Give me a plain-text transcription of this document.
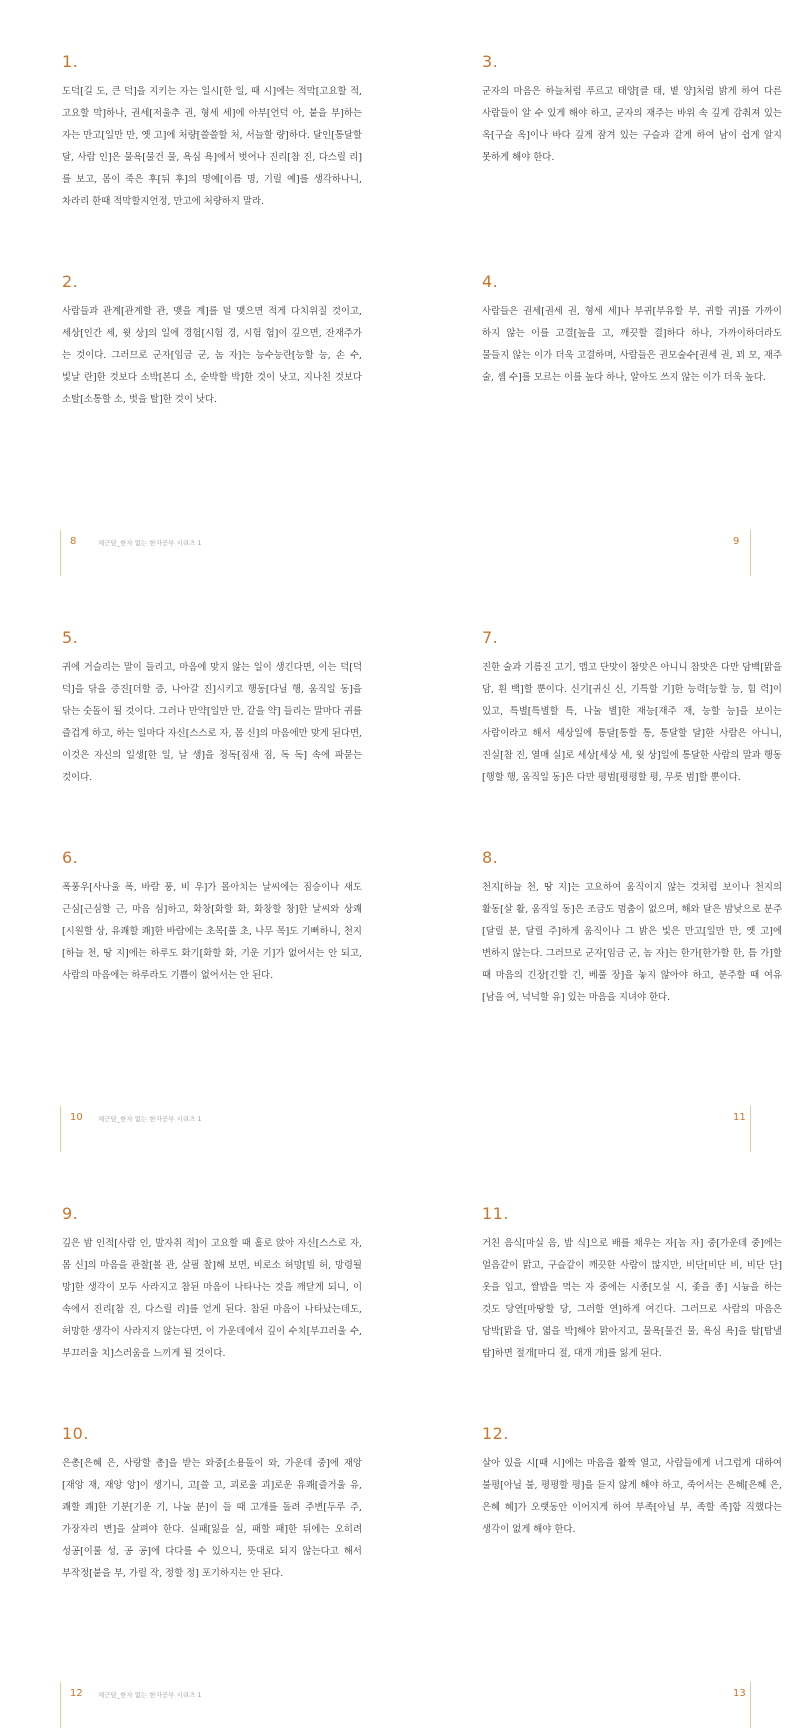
1.
도덕[길 도, 큰 덕]을 지키는 자는 일시[한 일, 때 시]에는 적막[고요할 적, 고요할 막]하나, 권세[저울추 권, 형세 세]에 아부[언덕 아, 붙을 부]하는 자는 만고[일만 만, 옛 고]에 처량[쓸쓸할 처, 서늘할 량]하다. 달인[통달할 달, 사람 인]은 물욕[물건 물, 욕심 욕]에서 벗어나 진리[참 진, 다스릴 리]를 보고, 몸이 죽은 후[뒤 후]의 명예[이름 명, 기릴 예]를 생각하나니, 차라리 한때 적막할지언정, 만고에 처량하지 말라.
2.
사람들과 관계[관계할 관, 맺을 계]를 덜 맺으면 적게 다치위질 것이고, 세상[인간 세, 윗 상]의 일에 경험[시험 경, 시험 험]이 깊으면, 잔재주가 는 것이다. 그러므로 군자[임금 군, 놈 자]는 능수능란[능할 능, 손 수, 빛날 란]한 것보다 소박[본디 소, 순박할 박]한 것이 낫고, 지나친 것보다 소탈[소통할 소, 벗을 탈]한 것이 낫다.
3.
군자의 마음은 하늘처럼 푸르고 태양[클 태, 볕 양]처럼 밝게 하여 다른 사람들이 알 수 있게 해야 하고, 군자의 재주는 바위 속 깊게 감춰져 있는 옥[구슬 옥]이나 바다 깊게 잠겨 있는 구슬과 같게 하여 남이 쉽게 알지 못하게 해야 한다.
4.
사람들은 권세[권세 권, 형세 세]나 부귀[부유할 부, 귀할 귀]를 가까이 하지 않는 이를 고결[높을 고, 깨끗할 결]하다 하나, 가까이하더라도 물들지 않는 이가 더욱 고결하며, 사람들은 권모술수[권세 권, 꾀 모, 재주 술, 셈 수]를 모르는 이를 높다 하나, 알아도 쓰지 않는 이가 더욱 높다.
8	채근담_한자 없는 한자공부 시리즈 1	9
5.
귀에 거슬리는 말이 들리고, 마음에 맞지 않는 일이 생긴다면, 이는 덕[덕 덕]을 닦을 증진[더할 증, 나아갈 진]시키고 행동[다닐 행, 움직일 동]을 닦는 숫돌이 될 것이다. 그러나 만약[일만 만, 같을 약] 들리는 말마다 귀를 즐겁게 하고, 하는 일마다 자신[스스로 자, 몸 신]의 마음에만 맞게 된다면, 이것은 자신의 일생[한 일, 날 생]을 정독[짐새 짐, 독 독] 속에 파묻는 것이다.
6.
폭풍우[사나울 폭, 바람 풍, 비 우]가 몰아치는 날씨에는 짐승이나 새도 근심[근심할 근, 마음 심]하고, 화창[화할 화, 화창할 창]한 날씨와 상쾌[시원할 상, 유쾌할 쾌]한 바람에는 초목[풀 초, 나무 목]도 기뻐하니, 천지[하늘 천, 땅 지]에는 하루도 화기[화할 화, 기운 기]가 없어서는 안 되고, 사람의 마음에는 하루라도 기쁨이 없어서는 안 된다.
7.
진한 술과 기름진 고기, 맵고 단맛이 참맛은 아니니 참맛은 다만 담백[맑을 담, 흰 백]할 뿐이다. 신기[귀신 신, 기특할 기]한 능력[능할 능, 힘 력]이 있고, 특별[특별할 특, 나눌 별]한 재능[재주 재, 능할 능]을 보이는 사람이라고 해서 세상일에 통달[통할 통, 통달할 달]한 사람은 아니니, 진실[참 진, 열매 실]로 세상[세상 세, 윗 상]일에 통달한 사람의 말과 행동[행할 행, 움직일 동]은 다만 평범[평평할 평, 무릇 범]할 뿐이다.
8.
천지[하늘 천, 땅 지]는 고요하여 움직이지 않는 것처럼 보이나 천지의 활동[살 활, 움직일 동]은 조금도 멈춤이 없으며, 해와 달은 밤낮으로 분주[달릴 분, 달릴 주]하게 움직이나 그 밝은 빛은 만고[일만 만, 옛 고]에 변하지 않는다. 그러므로 군자[임금 군, 놈 자]는 한가[한가할 한, 틈 가]할 때 마음의 긴장[긴할 긴, 베풀 장]을 놓지 않아야 하고, 분주할 때 여유[남을 여, 넉넉할 유] 있는 마음을 지녀야 한다.
10 채근담_한자 없는 한자공부 시리즈 1	11
9.
깊은 밤 인적[사람 인, 발자취 적]이 고요할 때 홀로 앉아 자신[스스로 자, 몸 신]의 마음을 관찰[볼 관, 살필 찰]해 보면, 비로소 허망[빌 허, 망령될 망]한 생각이 모두 사라지고 참된 마음이 나타나는 것을 깨닫게 되니, 이 속에서 진리[참 진, 다스릴 리]를 얻게 된다. 참된 마음이 나타났는데도, 허망한 생각이 사라지지 않는다면, 이 가운데에서 깊이 수치[부끄러울 수, 부끄러울 치]스러움을 느끼게 될 것이다.
10.
은총[은혜 은, 사랑할 총]을 받는 와중[소용돌이 와, 가운데 중]에 재앙[재앙 재, 재앙 앙]이 생기니, 고[쓸 고, 괴로울 괴]로운 유쾌[즐거울 유, 쾌할 쾌]한 기분[기운 기, 나눌 분]이 들 때 고개를 돌려 주변[두루 주, 가장자리 변]을 살펴야 한다. 실패[잃을 실, 패할 패]한 뒤에는 오히려 성공[이룰 성, 공 공]에 다다를 수 있으니, 뜻대로 되지 않는다고 해서 부작정[붙을 부, 가릴 작, 정할 정] 포기하지는 안 된다.
11.
거친 음식[마실 음, 밥 식]으로 배를 채우는 자[놈 자] 중[가운데 중]에는 얼음같이 맑고, 구슬같이 깨끗한 사람이 많지만, 비단[비단 비, 비단 단]옷을 입고, 쌀밥을 먹는 자 중에는 시종[모실 시, 좇을 종] 시늉을 하는 것도 당연[마땅할 당, 그러할 연]하게 여긴다. 그러므로 사람의 마음은 담박[맑을 담, 엷을 박]해야 맑아지고, 물욕[물건 물, 욕심 욕]을 탐[탐낼 탐]하면 절개[마디 절, 대개 개]를 잃게 된다.
12.
살아 있을 시[때 시]에는 마음을 활짝 열고, 사람들에게 너그럽게 대하여 불평[아닐 불, 평평할 평]을 듣지 않게 해야 하고, 죽어서는 은혜[은혜 은, 은혜 혜]가 오랫동안 이어지게 하여 부족[아닐 부, 족할 족]함 직했다는 생각이 없게 해야 한다.
12 채근담_한자 없는 한자공부 시리즈 1	13
